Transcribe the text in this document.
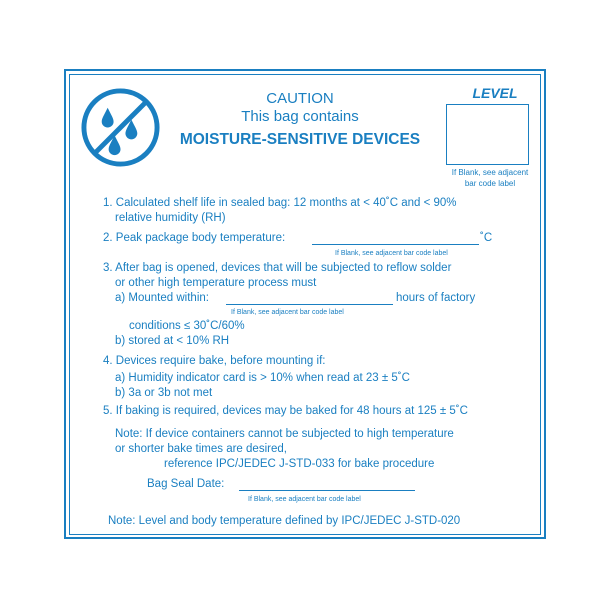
CAUTION
This bag contains
MOISTURE-SENSITIVE DEVICES
LEVEL
If Blank, see adjacent
bar code label
1. Calculated shelf life in sealed bag: 12 months at < 40˚C and < 90%
relative humidity (RH)
2. Peak package body temperature:	˚C
If Blank, see adjacent bar code label
3. After bag is opened, devices that will be subjected to reflow solder
or other high temperature process must
a) Mounted within:	hours of factory
If Blank, see adjacent bar code label
conditions ≤ 30˚C/60%
b) stored at < 10% RH
4. Devices require bake, before mounting if:
a) Humidity indicator card is > 10% when read at 23 ± 5˚C
b) 3a or 3b not met
5. If baking is required, devices may be baked for 48 hours at 125 ± 5˚C
Note: If device containers cannot be subjected to high temperature
or shorter bake times are desired,
reference IPC/JEDEC J-STD-033 for bake procedure
Bag Seal Date:
If Blank, see adjacent bar code label
Note: Level and body temperature defined by IPC/JEDEC J-STD-020
